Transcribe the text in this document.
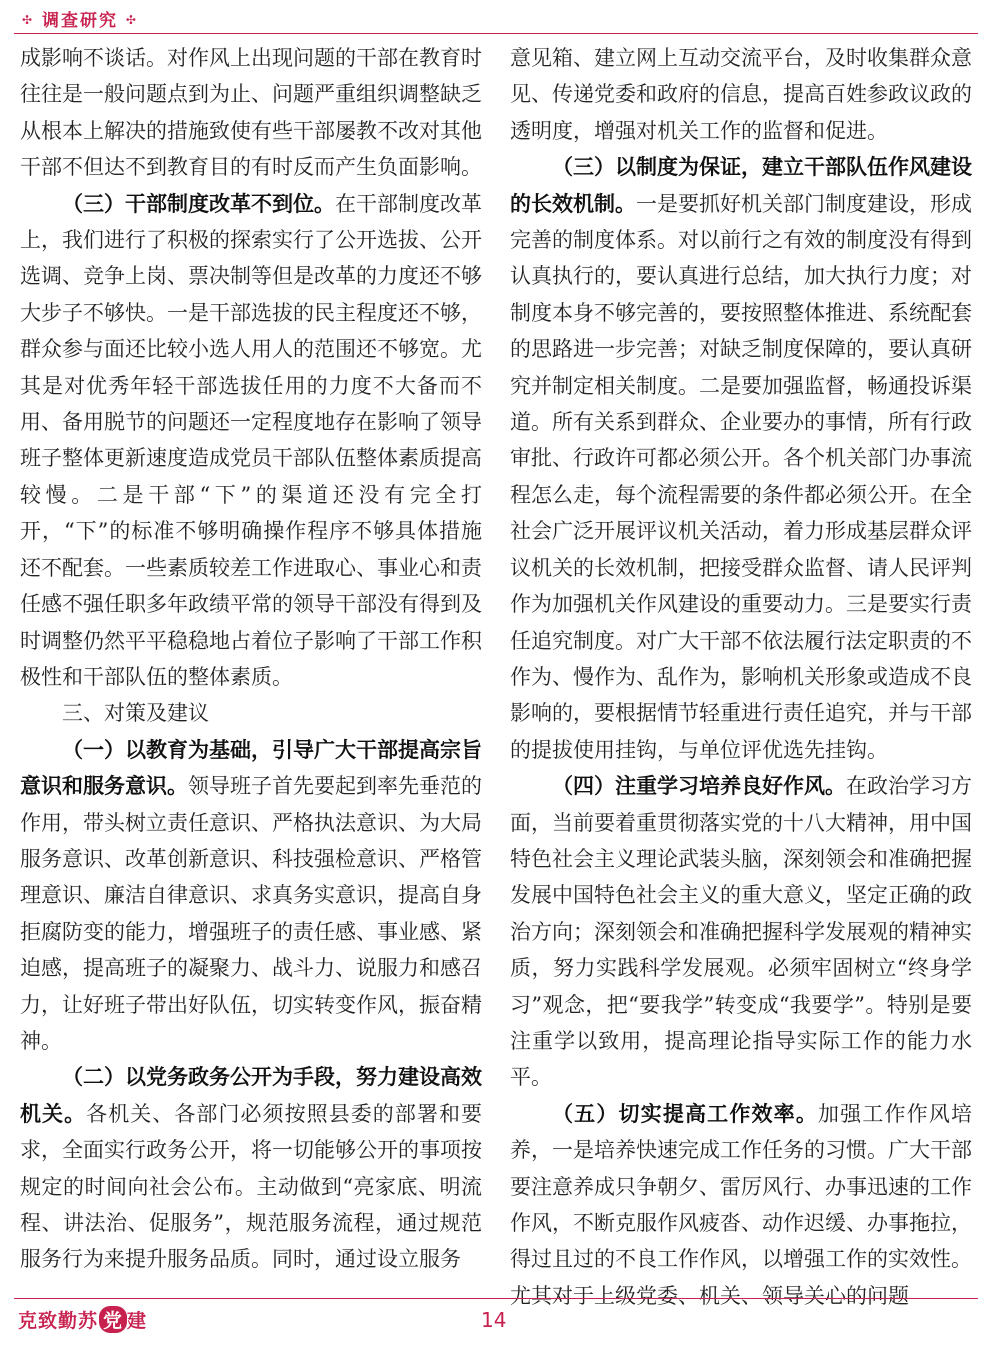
✣ 调查研究 ✣

成影响不谈话。对作风上出现问题的干部在教育时往往是一般问题点到为止、问题严重组织调整缺乏从根本上解决的措施致使有些干部屡教不改对其他干部不但达不到教育目的有时反而产生负面影响。

（三）干部制度改革不到位。在干部制度改革上，我们进行了积极的探索实行了公开选拔、公开选调、竞争上岗、票决制等但是改革的力度还不够大步子不够快。一是干部选拔的民主程度还不够，群众参与面还比较小选人用人的范围还不够宽。尤其是对优秀年轻干部选拔任用的力度不大备而不用、备用脱节的问题还一定程度地存在影响了领导班子整体更新速度造成党员干部队伍整体素质提高较慢。二是干部“下”的渠道还没有完全打开，“下”的标准不够明确操作程序不够具体措施还不配套。一些素质较差工作进取心、事业心和责任感不强任职多年政绩平常的领导干部没有得到及时调整仍然平平稳稳地占着位子影响了干部工作积极性和干部队伍的整体素质。

三、对策及建议

（一）以教育为基础，引导广大干部提高宗旨意识和服务意识。领导班子首先要起到率先垂范的作用，带头树立责任意识、严格执法意识、为大局服务意识、改革创新意识、科技强检意识、严格管理意识、廉洁自律意识、求真务实意识，提高自身拒腐防变的能力，增强班子的责任感、事业感、紧迫感，提高班子的凝聚力、战斗力、说服力和感召力，让好班子带出好队伍，切实转变作风，振奋精神。

（二）以党务政务公开为手段，努力建设高效机关。各机关、各部门必须按照县委的部署和要求，全面实行政务公开，将一切能够公开的事项按规定的时间向社会公布。主动做到“亮家底、明流程、讲法治、促服务”，规范服务流程，通过规范服务行为来提升服务品质。同时，通过设立服务

意见箱、建立网上互动交流平台，及时收集群众意见、传递党委和政府的信息，提高百姓参政议政的透明度，增强对机关工作的监督和促进。

（三）以制度为保证，建立干部队伍作风建设的长效机制。一是要抓好机关部门制度建设，形成完善的制度体系。对以前行之有效的制度没有得到认真执行的，要认真进行总结，加大执行力度；对制度本身不够完善的，要按照整体推进、系统配套的思路进一步完善；对缺乏制度保障的，要认真研究并制定相关制度。二是要加强监督，畅通投诉渠道。所有关系到群众、企业要办的事情，所有行政审批、行政许可都必须公开。各个机关部门办事流程怎么走，每个流程需要的条件都必须公开。在全社会广泛开展评议机关活动，着力形成基层群众评议机关的长效机制，把接受群众监督、请人民评判作为加强机关作风建设的重要动力。三是要实行责任追究制度。对广大干部不依法履行法定职责的不作为、慢作为、乱作为，影响机关形象或造成不良影响的，要根据情节轻重进行责任追究，并与干部的提拔使用挂钩，与单位评优选先挂钩。

（四）注重学习培养良好作风。在政治学习方面，当前要着重贯彻落实党的十八大精神，用中国特色社会主义理论武装头脑，深刻领会和准确把握发展中国特色社会主义的重大意义，坚定正确的政治方向；深刻领会和准确把握科学发展观的精神实质，努力实践科学发展观。必须牢固树立“终身学习”观念，把“要我学”转变成“我要学”。特别是要注重学以致用，提高理论指导实际工作的能力水平。

（五）切实提高工作效率。加强工作作风培养，一是培养快速完成工作任务的习惯。广大干部要注意养成只争朝夕、雷厉风行、办事迅速的工作作风，不断克服作风疲沓、动作迟缓、办事拖拉，得过且过的不良工作作风，以增强工作的实效性。尤其对于上级党委、机关、领导关心的问题

克致勤苏 党 建	14
